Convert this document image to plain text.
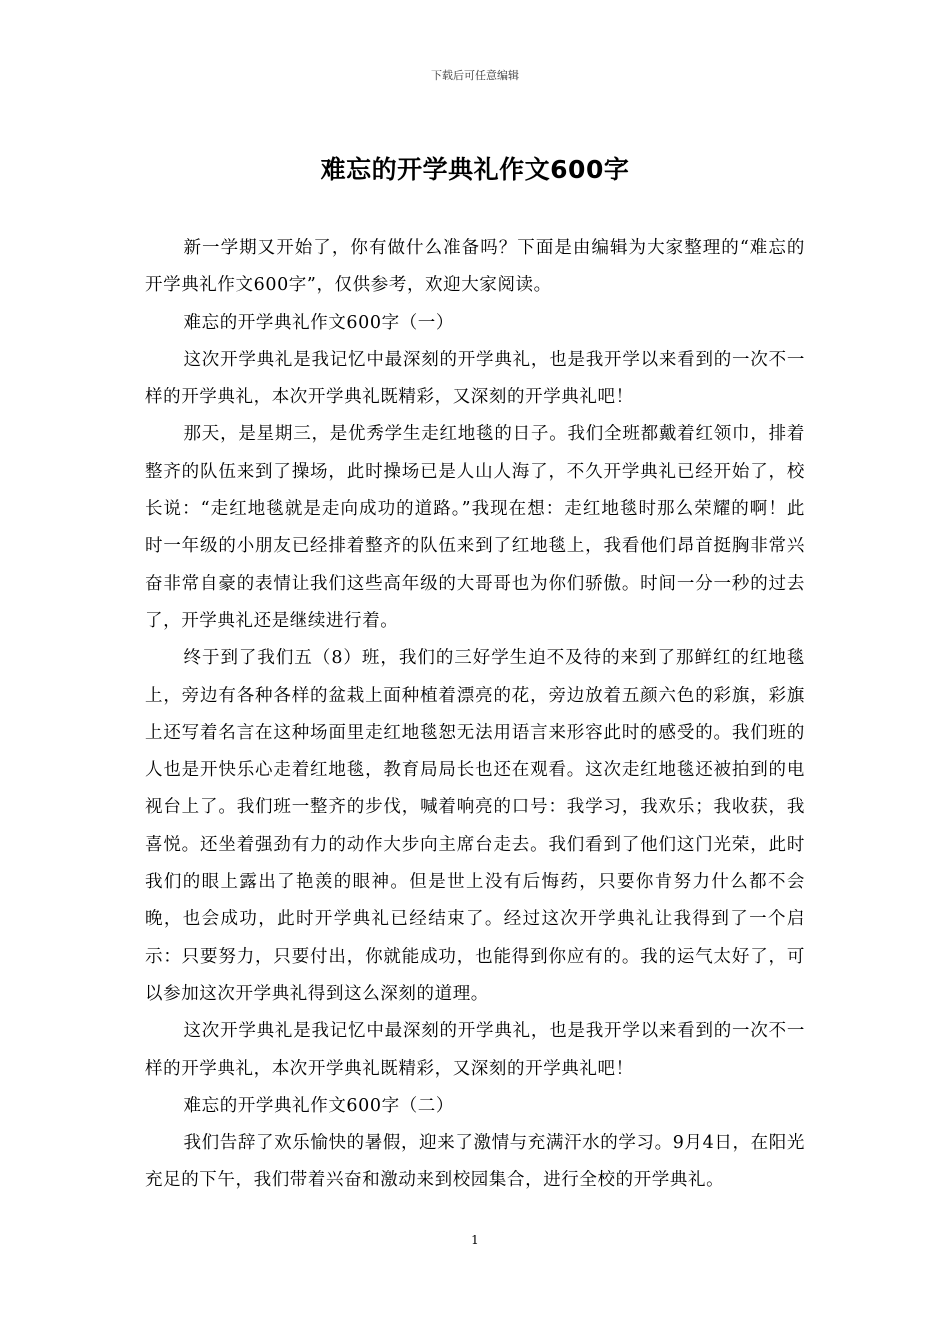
下载后可任意编辑
难忘的开学典礼作文600字

新一学期又开始了，你有做什么准备吗？下面是由编辑为大家整理的“难忘的开学典礼作文600字”，仅供参考，欢迎大家阅读。

难忘的开学典礼作文600字（一）

这次开学典礼是我记忆中最深刻的开学典礼，也是我开学以来看到的一次不一样的开学典礼，本次开学典礼既精彩，又深刻的开学典礼吧！

那天，是星期三，是优秀学生走红地毯的日子。我们全班都戴着红领巾，排着整齐的队伍来到了操场，此时操场已是人山人海了，不久开学典礼已经开始了，校长说：“走红地毯就是走向成功的道路。”我现在想：走红地毯时那么荣耀的啊！此时一年级的小朋友已经排着整齐的队伍来到了红地毯上，我看他们昂首挺胸非常兴奋非常自豪的表情让我们这些高年级的大哥哥也为你们骄傲。时间一分一秒的过去了，开学典礼还是继续进行着。

终于到了我们五（8）班，我们的三好学生迫不及待的来到了那鲜红的红地毯上，旁边有各种各样的盆栽上面种植着漂亮的花，旁边放着五颜六色的彩旗，彩旗上还写着名言在这种场面里走红地毯恕无法用语言来形容此时的感受的。我们班的人也是开快乐心走着红地毯，教育局局长也还在观看。这次走红地毯还被拍到的电视台上了。我们班一整齐的步伐，喊着响亮的口号：我学习，我欢乐；我收获，我喜悦。还坐着强劲有力的动作大步向主席台走去。我们看到了他们这门光荣，此时我们的眼上露出了艳羡的眼神。但是世上没有后悔药，只要你肯努力什么都不会晚，也会成功，此时开学典礼已经结束了。经过这次开学典礼让我得到了一个启示：只要努力，只要付出，你就能成功，也能得到你应有的。我的运气太好了，可以参加这次开学典礼得到这么深刻的道理。

这次开学典礼是我记忆中最深刻的开学典礼，也是我开学以来看到的一次不一样的开学典礼，本次开学典礼既精彩，又深刻的开学典礼吧！

难忘的开学典礼作文600字（二）

我们告辞了欢乐愉快的暑假，迎来了激情与充满汗水的学习。9月4日，在阳光充足的下午，我们带着兴奋和激动来到校园集合，进行全校的开学典礼。

1
